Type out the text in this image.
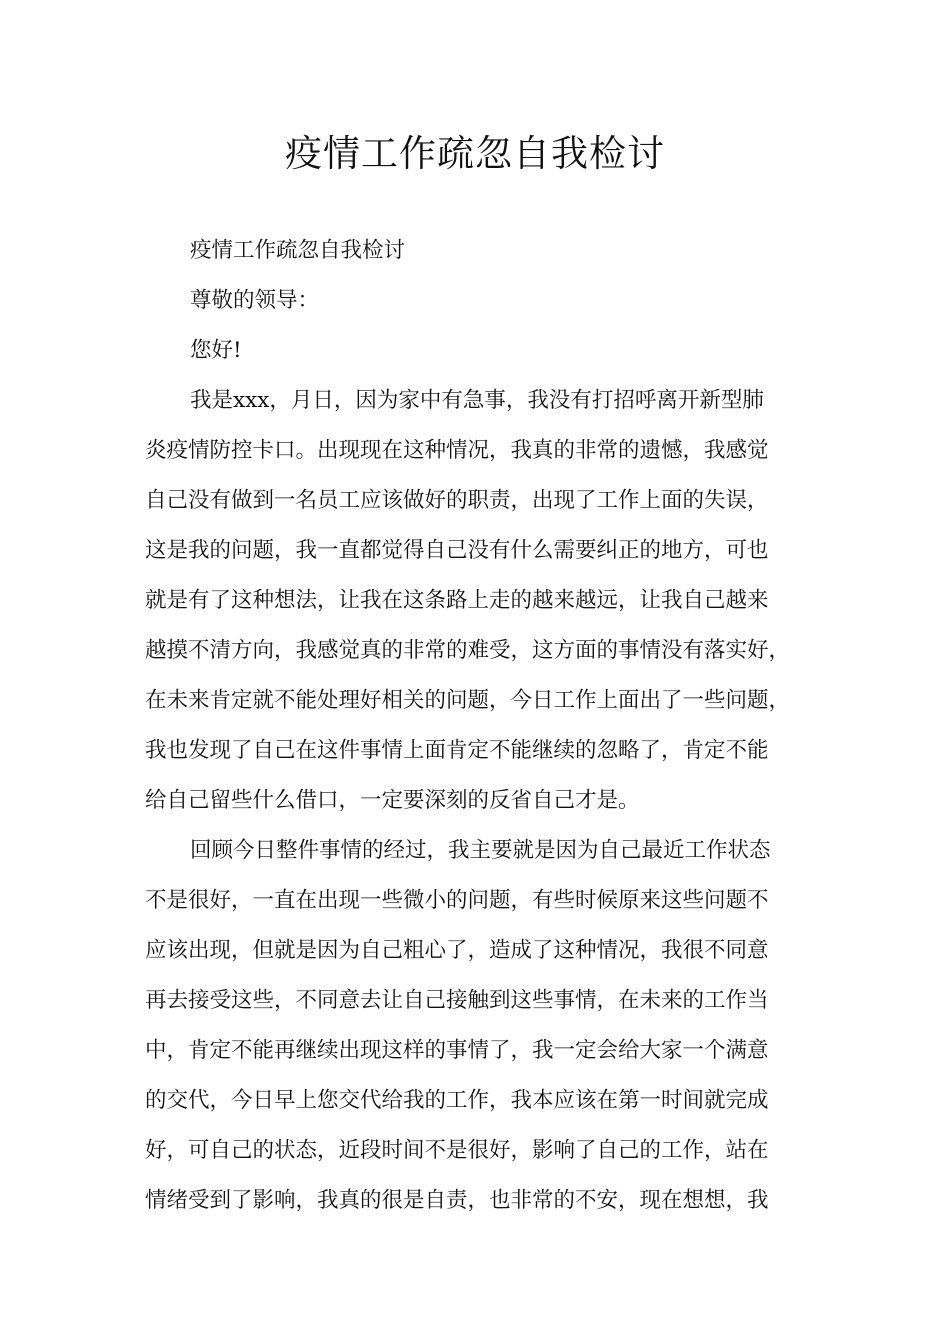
疫情工作疏忽自我检讨

疫情工作疏忽自我检讨

尊敬的领导：

您好!

我是xxx，月日，因为家中有急事，我没有打招呼离开新型肺

炎疫情防控卡口。出现现在这种情况，我真的非常的遗憾，我感觉

自己没有做到一名员工应该做好的职责，出现了工作上面的失误，

这是我的问题，我一直都觉得自己没有什么需要纠正的地方，可也

就是有了这种想法，让我在这条路上走的越来越远，让我自己越来

越摸不清方向，我感觉真的非常的难受，这方面的事情没有落实好，

在未来肯定就不能处理好相关的问题，今日工作上面出了一些问题，

我也发现了自己在这件事情上面肯定不能继续的忽略了，肯定不能

给自己留些什么借口，一定要深刻的反省自己才是。

回顾今日整件事情的经过，我主要就是因为自己最近工作状态

不是很好，一直在出现一些微小的问题，有些时候原来这些问题不

应该出现，但就是因为自己粗心了，造成了这种情况，我很不同意

再去接受这些，不同意去让自己接触到这些事情，在未来的工作当

中，肯定不能再继续出现这样的事情了，我一定会给大家一个满意

的交代，今日早上您交代给我的工作，我本应该在第一时间就完成

好，可自己的状态，近段时间不是很好，影响了自己的工作，站在

情绪受到了影响，我真的很是自责，也非常的不安，现在想想，我
